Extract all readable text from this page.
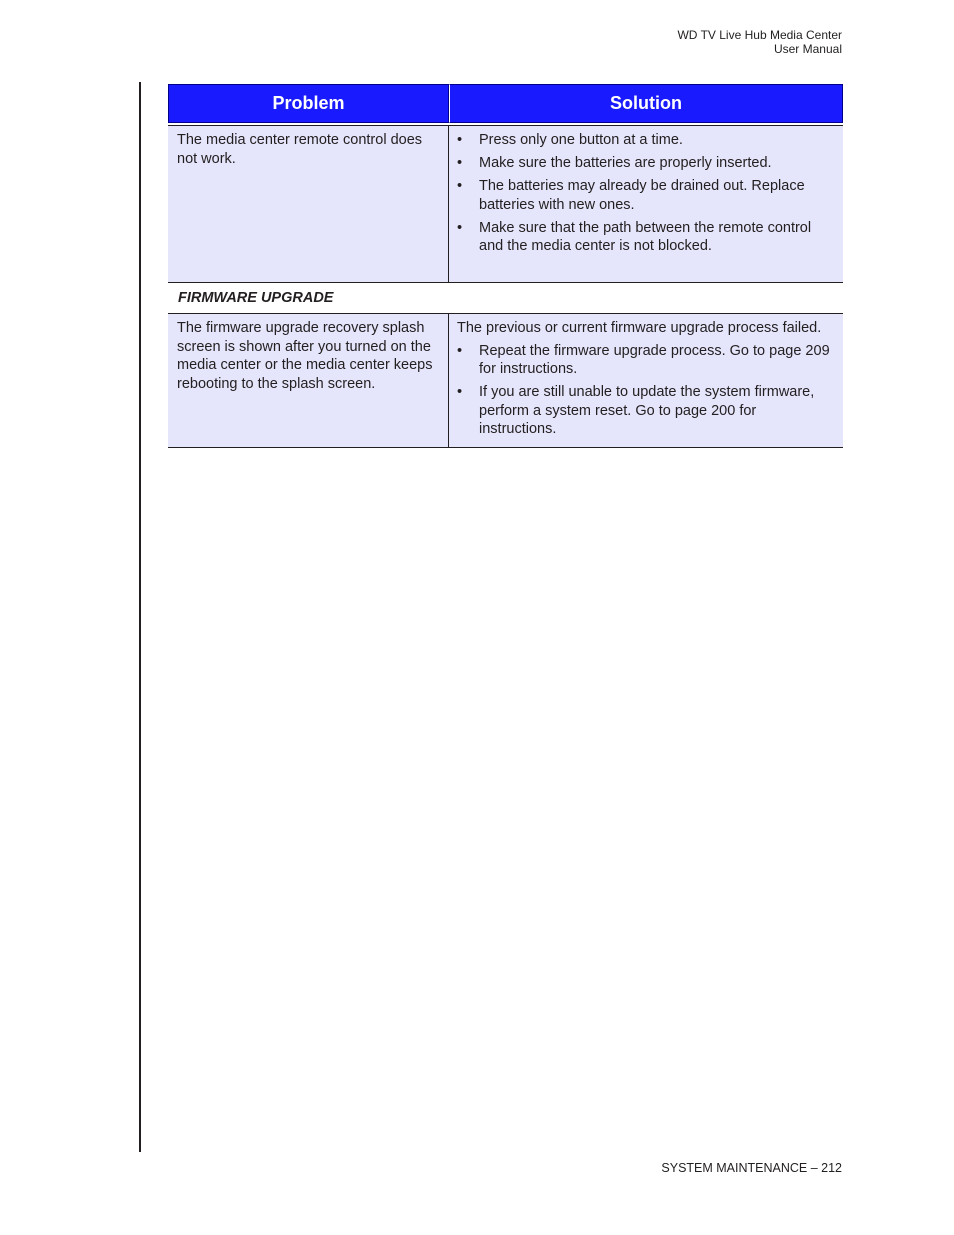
WD TV Live Hub Media Center
User Manual
Problem	Solution
The media center remote control does not work.
• Press only one button at a time.
• Make sure the batteries are properly inserted.
• The batteries may already be drained out. Replace batteries with new ones.
• Make sure that the path between the remote control and the media center is not blocked.
FIRMWARE UPGRADE
The firmware upgrade recovery splash screen is shown after you turned on the media center or the media center keeps rebooting to the splash screen.
The previous or current firmware upgrade process failed.
• Repeat the firmware upgrade process. Go to page 209 for instructions.
• If you are still unable to update the system firmware, perform a system reset. Go to page 200 for instructions.
SYSTEM MAINTENANCE – 212
